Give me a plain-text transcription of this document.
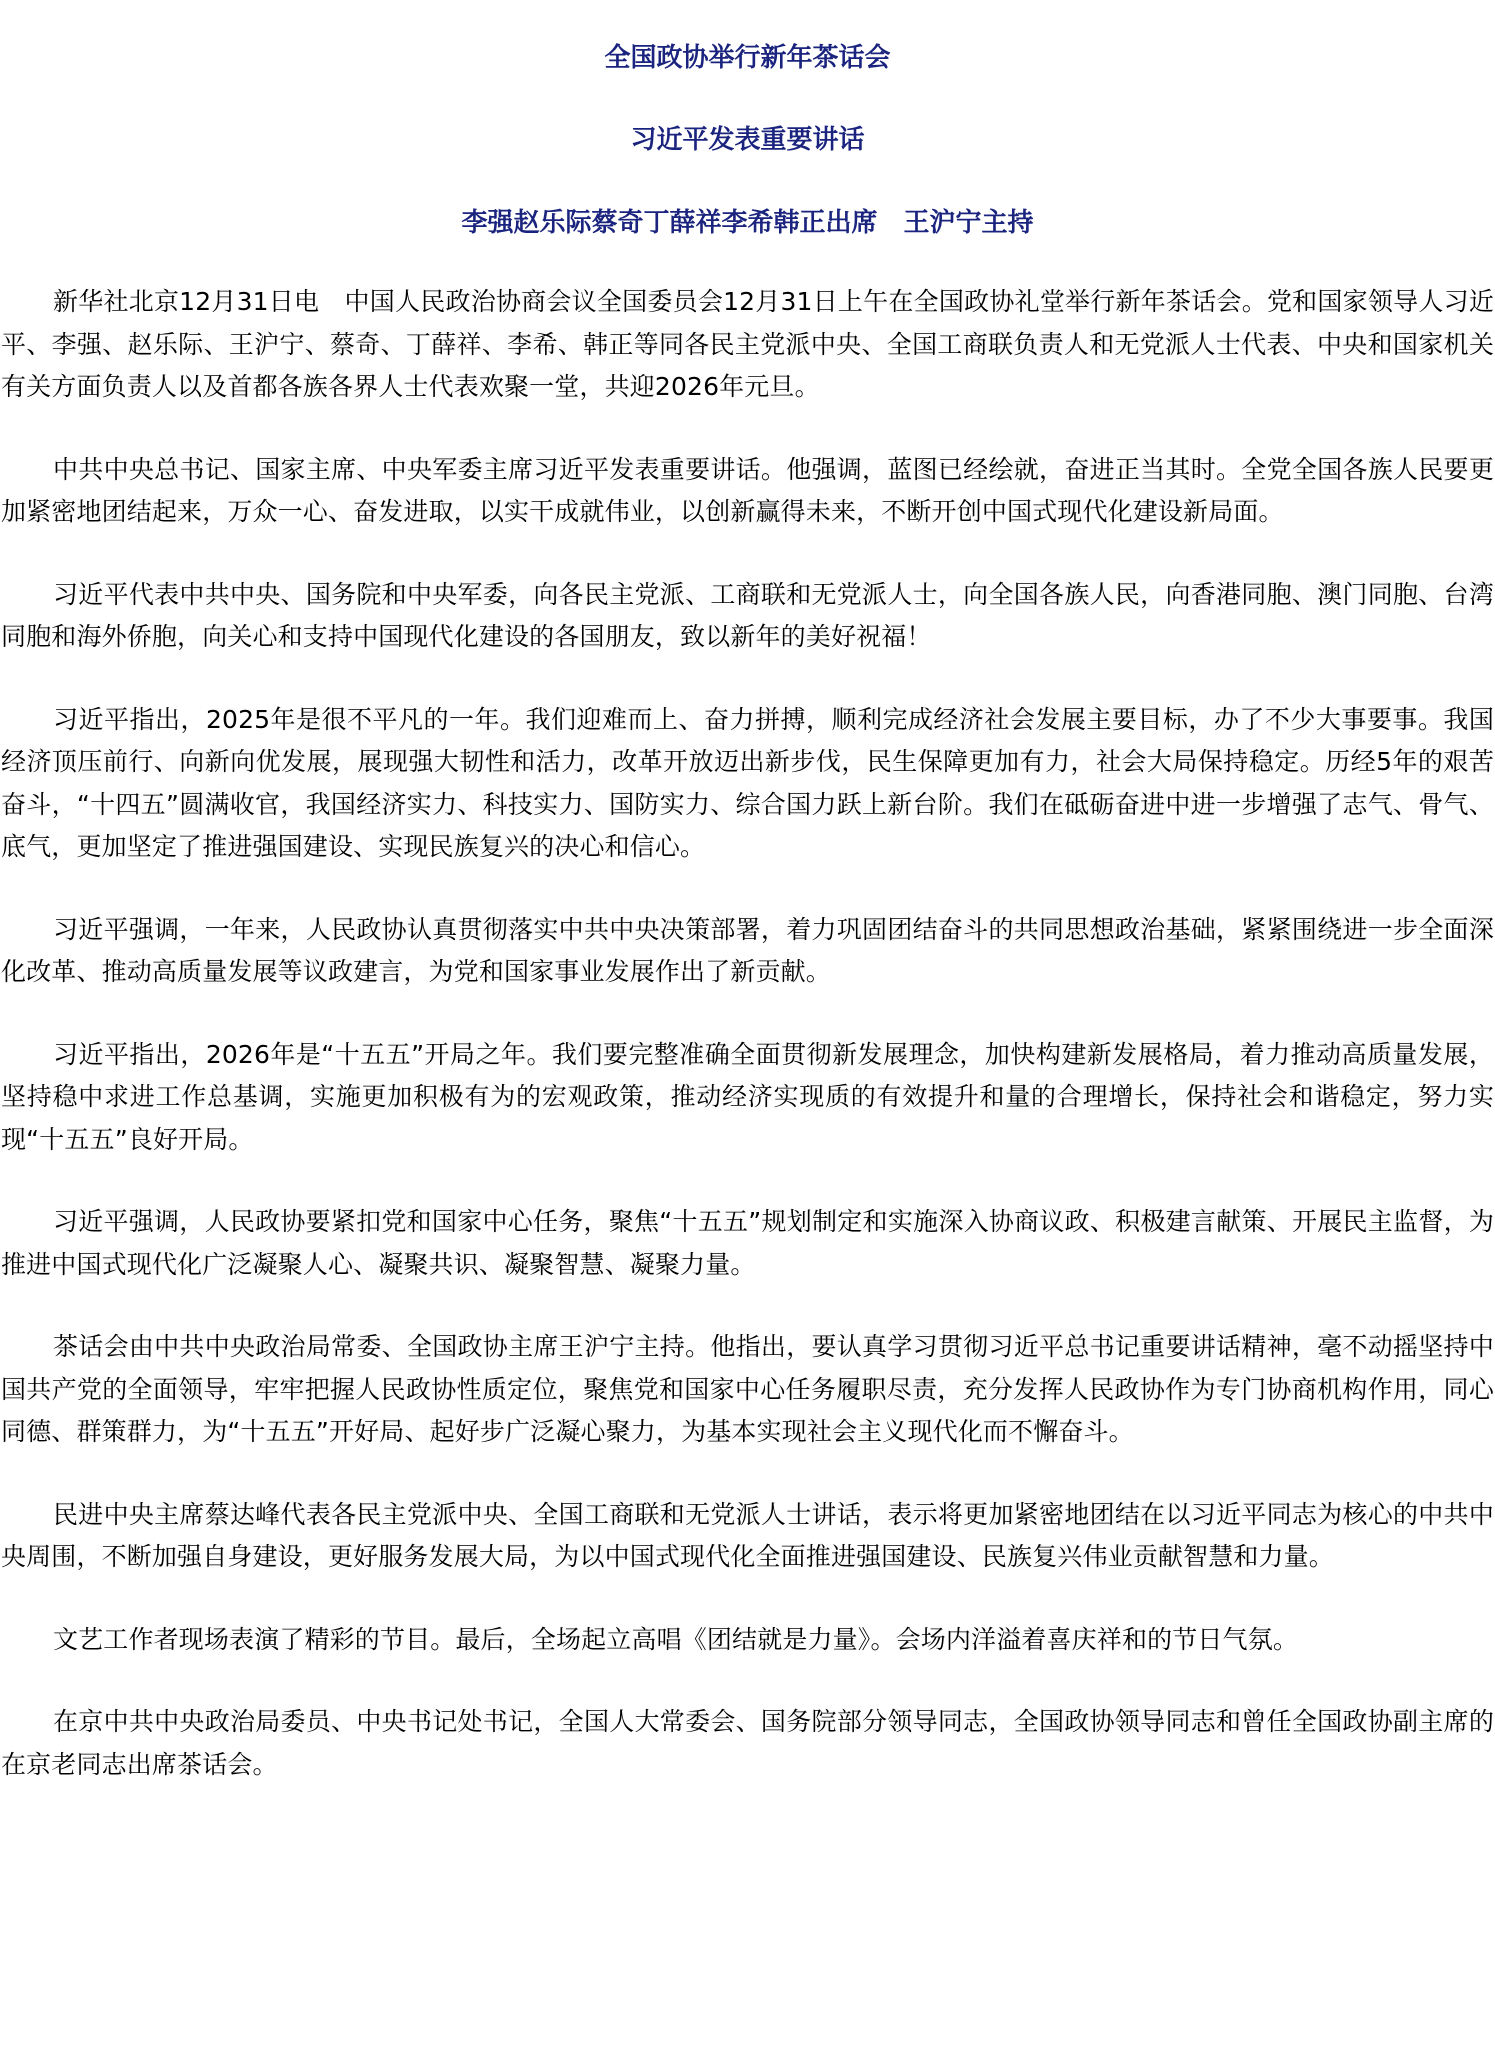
全国政协举行新年茶话会

习近平发表重要讲话

李强赵乐际蔡奇丁薛祥李希韩正出席　王沪宁主持

新华社北京12月31日电　中国人民政治协商会议全国委员会12月31日上午在全国政协礼堂举行新年茶话会。党和国家领导人习近平、李强、赵乐际、王沪宁、蔡奇、丁薛祥、李希、韩正等同各民主党派中央、全国工商联负责人和无党派人士代表、中央和国家机关有关方面负责人以及首都各族各界人士代表欢聚一堂，共迎2026年元旦。

中共中央总书记、国家主席、中央军委主席习近平发表重要讲话。他强调，蓝图已经绘就，奋进正当其时。全党全国各族人民要更加紧密地团结起来，万众一心、奋发进取，以实干成就伟业，以创新赢得未来，不断开创中国式现代化建设新局面。

习近平代表中共中央、国务院和中央军委，向各民主党派、工商联和无党派人士，向全国各族人民，向香港同胞、澳门同胞、台湾同胞和海外侨胞，向关心和支持中国现代化建设的各国朋友，致以新年的美好祝福！

习近平指出，2025年是很不平凡的一年。我们迎难而上、奋力拼搏，顺利完成经济社会发展主要目标，办了不少大事要事。我国经济顶压前行、向新向优发展，展现强大韧性和活力，改革开放迈出新步伐，民生保障更加有力，社会大局保持稳定。历经5年的艰苦奋斗，“十四五”圆满收官，我国经济实力、科技实力、国防实力、综合国力跃上新台阶。我们在砥砺奋进中进一步增强了志气、骨气、底气，更加坚定了推进强国建设、实现民族复兴的决心和信心。

习近平强调，一年来，人民政协认真贯彻落实中共中央决策部署，着力巩固团结奋斗的共同思想政治基础，紧紧围绕进一步全面深化改革、推动高质量发展等议政建言，为党和国家事业发展作出了新贡献。

习近平指出，2026年是“十五五”开局之年。我们要完整准确全面贯彻新发展理念，加快构建新发展格局，着力推动高质量发展，坚持稳中求进工作总基调，实施更加积极有为的宏观政策，推动经济实现质的有效提升和量的合理增长，保持社会和谐稳定，努力实现“十五五”良好开局。

习近平强调，人民政协要紧扣党和国家中心任务，聚焦“十五五”规划制定和实施深入协商议政、积极建言献策、开展民主监督，为推进中国式现代化广泛凝聚人心、凝聚共识、凝聚智慧、凝聚力量。

茶话会由中共中央政治局常委、全国政协主席王沪宁主持。他指出，要认真学习贯彻习近平总书记重要讲话精神，毫不动摇坚持中国共产党的全面领导，牢牢把握人民政协性质定位，聚焦党和国家中心任务履职尽责，充分发挥人民政协作为专门协商机构作用，同心同德、群策群力，为“十五五”开好局、起好步广泛凝心聚力，为基本实现社会主义现代化而不懈奋斗。

民进中央主席蔡达峰代表各民主党派中央、全国工商联和无党派人士讲话，表示将更加紧密地团结在以习近平同志为核心的中共中央周围，不断加强自身建设，更好服务发展大局，为以中国式现代化全面推进强国建设、民族复兴伟业贡献智慧和力量。

文艺工作者现场表演了精彩的节目。最后，全场起立高唱《团结就是力量》。会场内洋溢着喜庆祥和的节日气氛。

在京中共中央政治局委员、中央书记处书记，全国人大常委会、国务院部分领导同志，全国政协领导同志和曾任全国政协副主席的在京老同志出席茶话会。
